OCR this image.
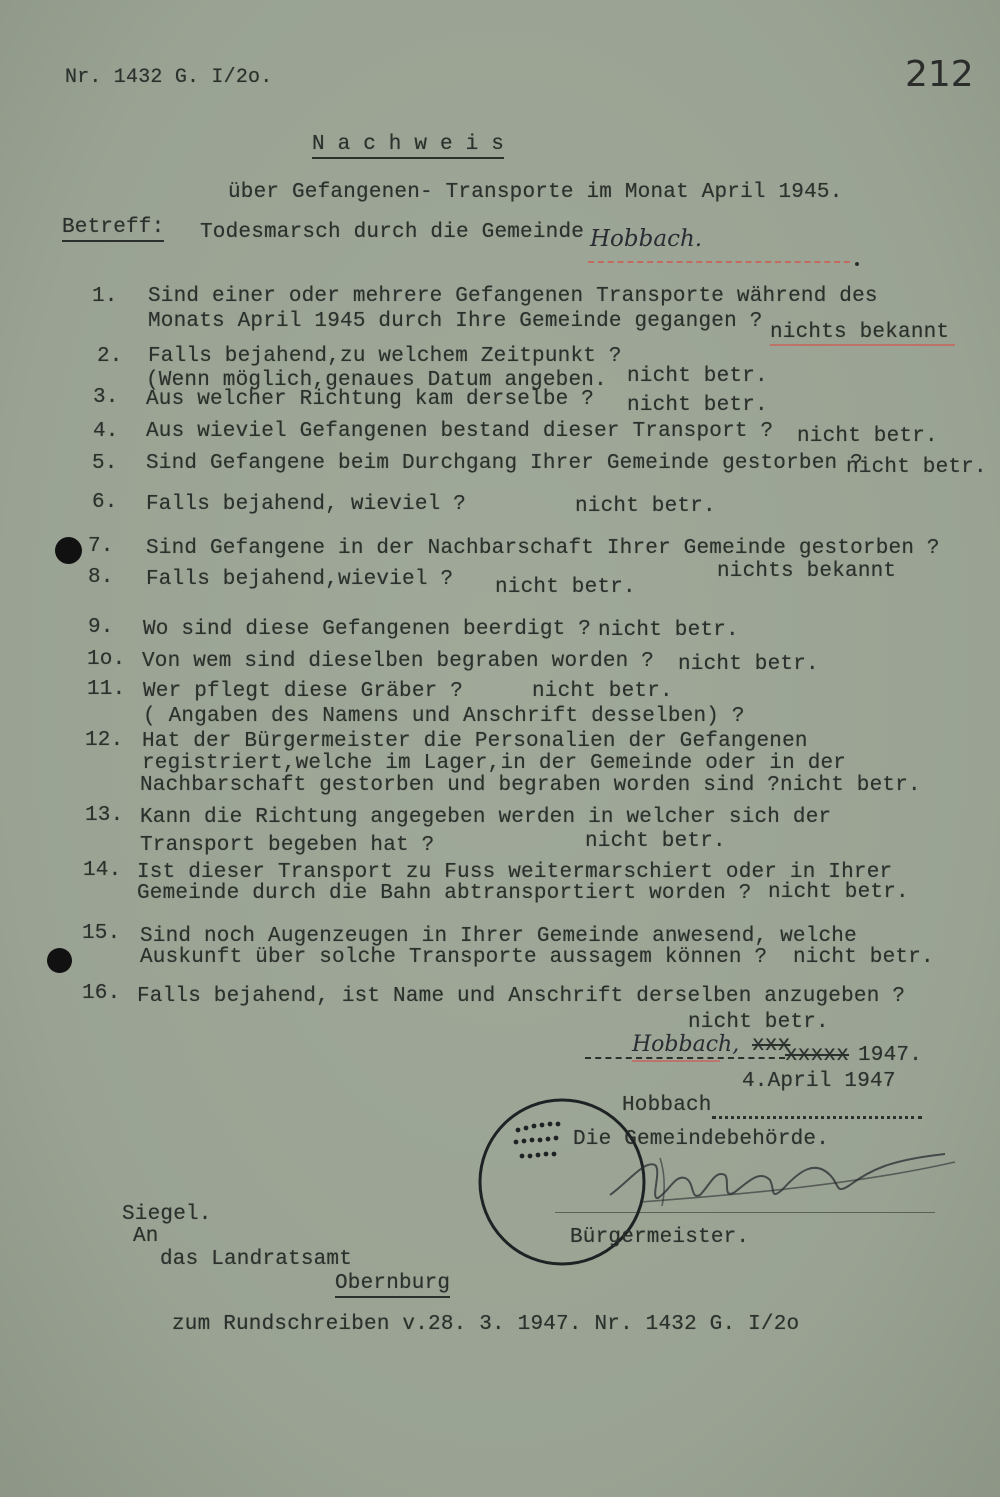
Nr. 1432 G. I/2o.	212
N a c h w e i s
über Gefangenen- Transporte im Monat April 1945.
Betreff: Todesmarsch durch die Gemeinde Hobbach.
1. Sind einer oder mehrere Gefangenen Transporte während des
Monats April 1945 durch Ihre Gemeinde gegangen ? nichts bekannt
2. Falls bejahend,zu welchem Zeitpunkt ?
(Wenn möglich,genaues Datum angeben. nicht betr.
3. Aus welcher Richtung kam derselbe ? nicht betr.
4. Aus wieviel Gefangenen bestand dieser Transport ? nicht betr.
5. Sind Gefangene beim Durchgang Ihrer Gemeinde gestorben ?
nicht betr.
6. Falls bejahend, wieviel ?	nicht betr.
7. Sind Gefangene in der Nachbarschaft Ihrer Gemeinde gestorben ?
nichts bekannt
8. Falls bejahend,wieviel ? nicht betr.
9. Wo sind diese Gefangenen beerdigt ? nicht betr.
1o. Von wem sind dieselben begraben worden ? nicht betr.
11. Wer pflegt diese Gräber ?	nicht betr.
( Angaben des Namens und Anschrift desselben) ?
12. Hat der Bürgermeister die Personalien der Gefangenen
registriert,welche im Lager,in der Gemeinde oder in der
Nachbarschaft gestorben und begraben worden sind ? nicht betr.
13. Kann die Richtung angegeben werden in welcher sich der
Transport begeben hat ?	nicht betr.
14. Ist dieser Transport zu Fuss weitermarschiert oder in Ihrer
Gemeinde durch die Bahn abtransportiert worden ? nicht betr.
15. Sind noch Augenzeugen in Ihrer Gemeinde anwesend, welche
Auskunft über solche Transporte aussagem können ? nicht betr.
16. Falls bejahend, ist Name und Anschrift derselben anzugeben ?
nicht betr.
Hobbach, xxx
xxxxx 1947.
4.April 1947
Hobbach
Die Gemeindebehörde.
Bürgermeister.
Siegel.
An
das Landratsamt
Obernburg
zum Rundschreiben v.28. 3. 1947. Nr. 1432 G. I/2o
